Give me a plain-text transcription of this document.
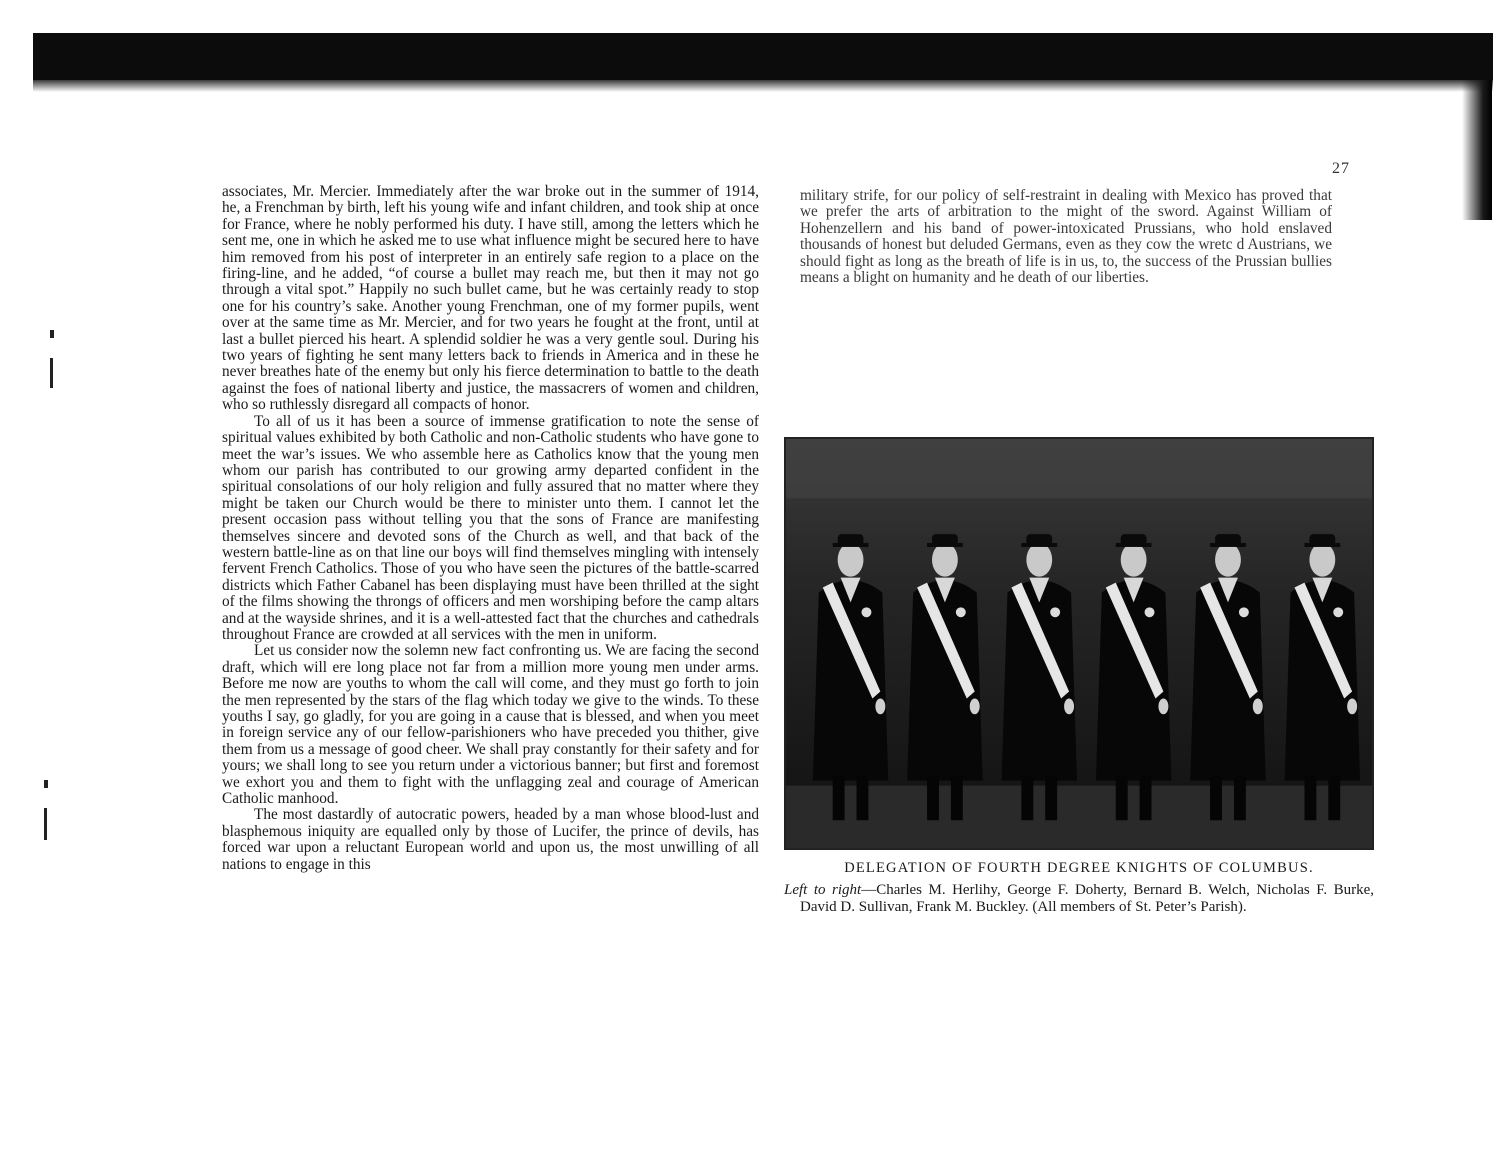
27

associates, Mr. Mercier. Immediately after the war broke out in the summer of 1914, he, a Frenchman by birth, left his young wife and infant children, and took ship at once for France, where he nobly performed his duty. I have still, among the letters which he sent me, one in which he asked me to use what influence might be secured here to have him removed from his post of interpreter in an entirely safe region to a place on the firing-line, and he added, “of course a bullet may reach me, but then it may not go through a vital spot.” Happily no such bullet came, but he was certainly ready to stop one for his country’s sake. Another young Frenchman, one of my former pupils, went over at the same time as Mr. Mercier, and for two years he fought at the front, until at last a bullet pierced his heart. A splendid soldier he was a very gentle soul. During his two years of fighting he sent many letters back to friends in America and in these he never breathes hate of the enemy but only his fierce determination to battle to the death against the foes of national liberty and justice, the massacrers of women and children, who so ruthlessly disregard all compacts of honor.

To all of us it has been a source of immense gratification to note the sense of spiritual values exhibited by both Catholic and non-Catholic students who have gone to meet the war’s issues. We who assemble here as Catholics know that the young men whom our parish has contributed to our growing army departed confident in the spiritual consolations of our holy religion and fully assured that no matter where they might be taken our Church would be there to minister unto them. I cannot let the present occasion pass without telling you that the sons of France are manifesting themselves sincere and devoted sons of the Church as well, and that back of the western battle-line as on that line our boys will find themselves mingling with intensely fervent French Catholics. Those of you who have seen the pictures of the battle-scarred districts which Father Cabanel has been displaying must have been thrilled at the sight of the films showing the throngs of officers and men worshiping before the camp altars and at the wayside shrines, and it is a well-attested fact that the churches and cathedrals throughout France are crowded at all services with the men in uniform.

Let us consider now the solemn new fact confronting us. We are facing the second draft, which will ere long place not far from a million more young men under arms. Before me now are youths to whom the call will come, and they must go forth to join the men represented by the stars of the flag which today we give to the winds. To these youths I say, go gladly, for you are going in a cause that is blessed, and when you meet in foreign service any of our fellow-parishioners who have preceded you thither, give them from us a message of good cheer. We shall pray constantly for their safety and for yours; we shall long to see you return under a victorious banner; but first and foremost we exhort you and them to fight with the unflagging zeal and courage of American Catholic manhood.

The most dastardly of autocratic powers, headed by a man whose blood-lust and blasphemous iniquity are equalled only by those of Lucifer, the prince of devils, has forced war upon a reluctant European world and upon us, the most unwilling of all nations to engage in this

military strife, for our policy of self-restraint in dealing with Mexico has proved that we prefer the arts of arbitration to the might of the sword. Against William of Hohenzellern and his band of power-intoxicated Prussians, who hold enslaved thousands of honest but deluded Germans, even as they cow the wretc d Austrians, we should fight as long as the breath of life is in us, to, the success of the Prussian bullies means a blight on humanity and he death of our liberties.

DELEGATION OF FOURTH DEGREE KNIGHTS OF COLUMBUS.
Left to right—Charles M. Herlihy, George F. Doherty, Bernard B. Welch, Nicholas F. Burke, David D. Sullivan, Frank M. Buckley. (All members of St. Peter’s Parish).
